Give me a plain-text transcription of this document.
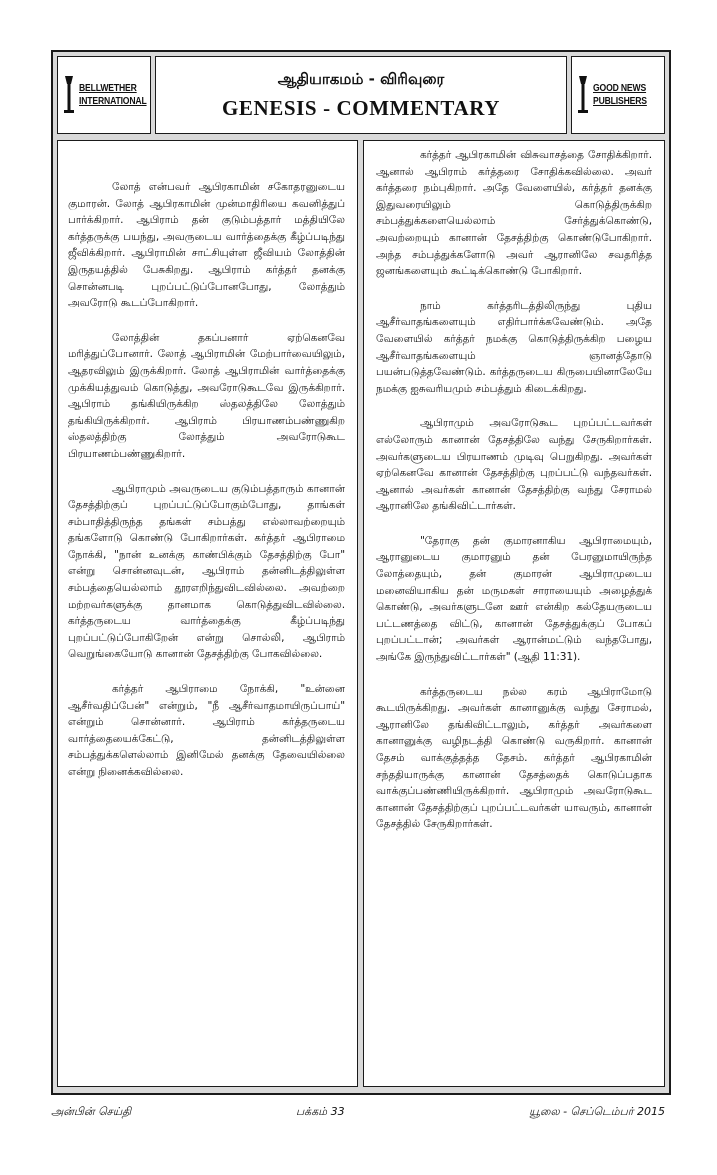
BELLWETHER
INTERNATIONAL
ஆதியாகமம் - விரிவுரை
GENESIS - COMMENTARY
GOOD NEWS
PUBLISHERS

லோத் என்பவர் ஆபிரகாமின் சகோதரனுடைய குமாரன். லோத் ஆபிரகாமின் முன்மாதிரியை கவனித்துப் பார்க்கிறார். ஆபிராம் தன் குடும்பத்தார் மத்தியிலே கர்த்தருக்கு பயந்து, அவருடைய வார்த்தைக்கு கீழ்ப்படிந்து ஜீவிக்கிறார். ஆபிராமின் சாட்சியுள்ள ஜீவியம் லோத்தின் இருதயத்தில் பேசுகிறது. ஆபிராம் கர்த்தர் தனக்கு சொன்னபடி புறப்பட்டுப்போனபோது, லோத்தும் அவரோடு கூடப்போகிறார்.

லோத்தின் தகப்பனார் ஏற்கெனவே மரித்துப்போனார். லோத் ஆபிராமின் மேற்பார்வையிலும், ஆதரவிலும் இருக்கிறார். லோத் ஆபிராமின் வார்த்தைக்கு முக்கியத்துவம் கொடுத்து, அவரோடுகூடவே இருக்கிறார். ஆபிராம் தங்கியிருக்கிற ஸ்தலத்திலே லோத்தும் தங்கியிருக்கிறார். ஆபிராம் பிரயாணம்பண்ணுகிற ஸ்தலத்திற்கு லோத்தும் அவரோடுகூட பிரயாணம்பண்ணுகிறார்.

ஆபிராமும் அவருடைய குடும்பத்தாரும் கானான் தேசத்திற்குப் புறப்பட்டுப்போகும்போது, தாங்கள் சம்பாதித்திருந்த தங்கள் சம்பத்து எல்லாவற்றையும் தங்களோடு கொண்டு போகிறார்கள். கர்த்தர் ஆபிராமை நோக்கி, "நான் உனக்கு காண்பிக்கும் தேசத்திற்கு போ" என்று சொன்னவுடன், ஆபிராம் தன்னிடத்திலுள்ள சம்பத்தையெல்லாம் தூரஎறிந்துவிடவில்லை. அவற்றை மற்றவர்களுக்கு தானமாக கொடுத்துவிடவில்லை. கர்த்தருடைய வார்த்தைக்கு கீழ்ப்படிந்து புறப்பட்டுப்போகிறேன் என்று சொல்லி, ஆபிராம் வெறுங்கையோடு கானான் தேசத்திற்கு போகவில்லை.

கர்த்தர் ஆபிராமை நோக்கி, "உன்னை ஆசீர்வதிப்பேன்" என்றும், "நீ ஆசீர்வாதமாயிருப்பாய்" என்றும் சொன்னார். ஆபிராம் கர்த்தருடைய வார்த்தையைக்கேட்டு, தன்னிடத்திலுள்ள சம்பத்துக்களெல்லாம் இனிமேல் தனக்கு தேவையில்லை என்று நினைக்கவில்லை.

கர்த்தர் ஆபிரகாமின் விசுவாசத்தை சோதிக்கிறார். ஆனால் ஆபிராம் கர்த்தரை சோதிக்கவில்லை. அவர் கர்த்தரை நம்புகிறார். அதே வேளையில், கர்த்தர் தனக்கு இதுவரையிலும் கொடுத்திருக்கிற சம்பத்துக்களையெல்லாம் சேர்த்துக்கொண்டு, அவற்றையும் கானான் தேசத்திற்கு கொண்டுபோகிறார். அந்த சம்பத்துக்களோடு அவர் ஆரானிலே சவதரித்த ஜனங்களையும் கூட்டிக்கொண்டு போகிறார்.

நாம் கர்த்தரிடத்திலிருந்து புதிய ஆசீர்வாதங்களையும் எதிர்பார்க்கவேண்டும். அதே வேளையில் கர்த்தர் நமக்கு கொடுத்திருக்கிற பழைய ஆசீர்வாதங்களையும் ஞானத்தோடு பயன்படுத்தவேண்டும். கர்த்தருடைய கிருபையினாலேயே நமக்கு ஐசுவரியமும் சம்பத்தும் கிடைக்கிறது.

ஆபிராமும் அவரோடுகூட புறப்பட்டவர்கள் எல்லோரும் கானான் தேசத்திலே வந்து சேருகிறார்கள். அவர்களுடைய பிரயாணம் முடிவு பெறுகிறது. அவர்கள் ஏற்கெனவே கானான் தேசத்திற்கு புறப்பட்டு வந்தவர்கள். ஆனால் அவர்கள் கானான் தேசத்திற்கு வந்து சேராமல் ஆரானிலே தங்கிவிட்டார்கள்.

"தேராகு தன் குமாரனாகிய ஆபிராமையும், ஆரானுடைய குமாரனும் தன் பேரனுமாயிருந்த லோத்தையும், தன் குமாரன் ஆபிராமுடைய மனைவியாகிய தன் மருமகள் சாராயையும் அழைத்துக் கொண்டு, அவர்களுடனே ஊர் என்கிற கல்தேயருடைய பட்டணத்தை விட்டு, கானான் தேசத்துக்குப் போகப் புறப்பட்டான்; அவர்கள் ஆரான்மட்டும் வந்தபோது, அங்கே இருந்துவிட்டார்கள்" (ஆதி 11:31).

கர்த்தருடைய நல்ல கரம் ஆபிராமோடு கூடயிருக்கிறது. அவர்கள் கானானுக்கு வந்து சேராமல், ஆரானிலே தங்கிவிட்டாலும், கர்த்தர் அவர்களை கானானுக்கு வழிநடத்தி கொண்டு வருகிறார். கானான் தேசம் வாக்குத்தத்த தேசம். கர்த்தர் ஆபிரகாமின் சந்ததியாருக்கு கானான் தேசத்தைக் கொடுப்பதாக வாக்குப்பண்ணியிருக்கிறார். ஆபிராமும் அவரோடுகூட கானான் தேசத்திற்குப் புறப்பட்டவர்கள் யாவரும், கானான் தேசத்தில் சேருகிறார்கள்.

அன்பின் செய்தி	பக்கம் 33	யூலை - செப்டெம்பர் 2015
